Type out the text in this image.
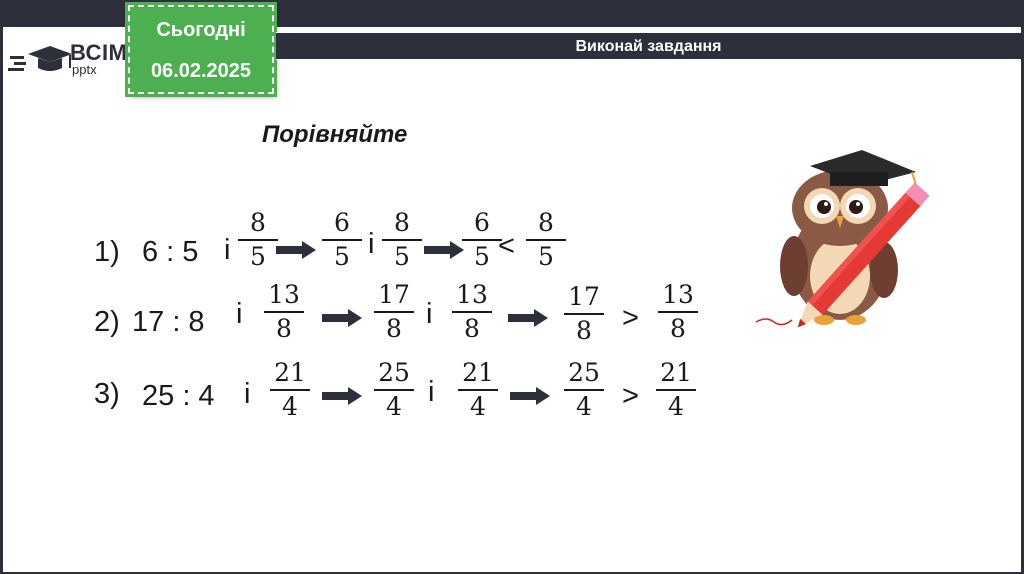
ВСІМ
pptx
Сьогодні
06.02.2025
Виконай завдання
Порівняйте
1) 6 : 5 і
8
5
6
5 і
8
5
6
5 <
8
5
2) 17 : 8 і
13
8
17
8 і
13
8
17
8	>
13
8
3) 25 : 4 і
21
4
25
4 і
21
4
25
4	>
21
4
